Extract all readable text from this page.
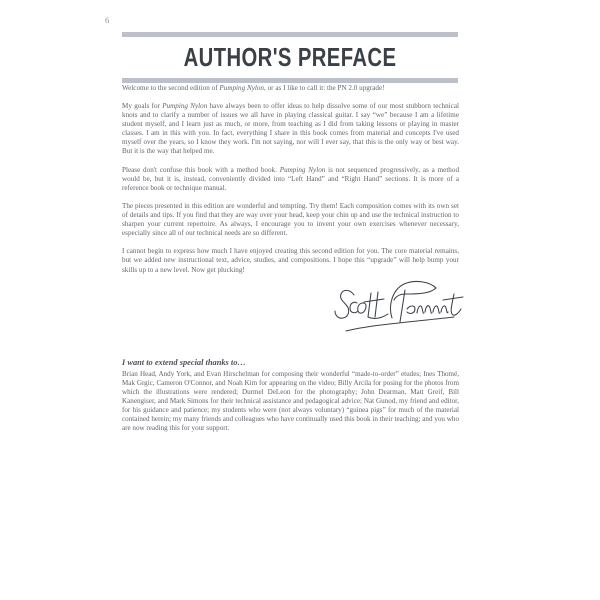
6
AUTHOR'S PREFACE

Welcome to the second edition of Pumping Nylon, or as I like to call it: the PN 2.0 upgrade!

My goals for Pumping Nylon have always been to offer ideas to help dissolve some of our most stubborn technical knots and to clarify a number of issues we all have in playing classical guitar. I say “we” because I am a lifetime student myself, and I learn just as much, or more, from teaching as I did from taking lessons or playing in master classes. I am in this with you. In fact, everything I share in this book comes from material and concepts I've used myself over the years, so I know they work. I'm not saying, nor will I ever say, that this is the only way or best way. But it is the way that helped me.

Please don't confuse this book with a method book. Pumping Nylon is not sequenced progressively, as a method would be, but it is, instead, conveniently divided into “Left Hand” and “Right Hand” sections. It is more of a reference book or technique manual.

The pieces presented in this edition are wonderful and tempting. Try them! Each composition comes with its own set of details and tips. If you find that they are way over your head, keep your chin up and use the technical instruction to sharpen your current repertoire. As always, I encourage you to invent your own exercises whenever necessary, especially since all of our technical needs are so different.

I cannot begin to express how much I have enjoyed creating this second edition for you. The core material remains, but we added new instructional text, advice, studies, and compositions. I hope this “upgrade” will help bump your skills up to a new level. Now get plucking!

I want to extend special thanks to…

Brian Head, Andy York, and Evan Hirschelman for composing their wonderful “made-to-order” etudes; Ines Thomé, Mak Grgic, Cameron O'Connor, and Noah Kim for appearing on the video; Billy Arcila for posing for the photos from which the illustrations were rendered; Durmel DeLeon for the photography; John Dearman, Matt Greif, Bill Kanengiser, and Mark Simons for their technical assistance and pedagogical advice; Nat Gunod, my friend and editor, for his guidance and patience; my students who were (not always voluntary) “guinea pigs” for much of the material contained herein; my many friends and colleagues who have continually used this book in their teaching; and you who are now reading this for your support.
